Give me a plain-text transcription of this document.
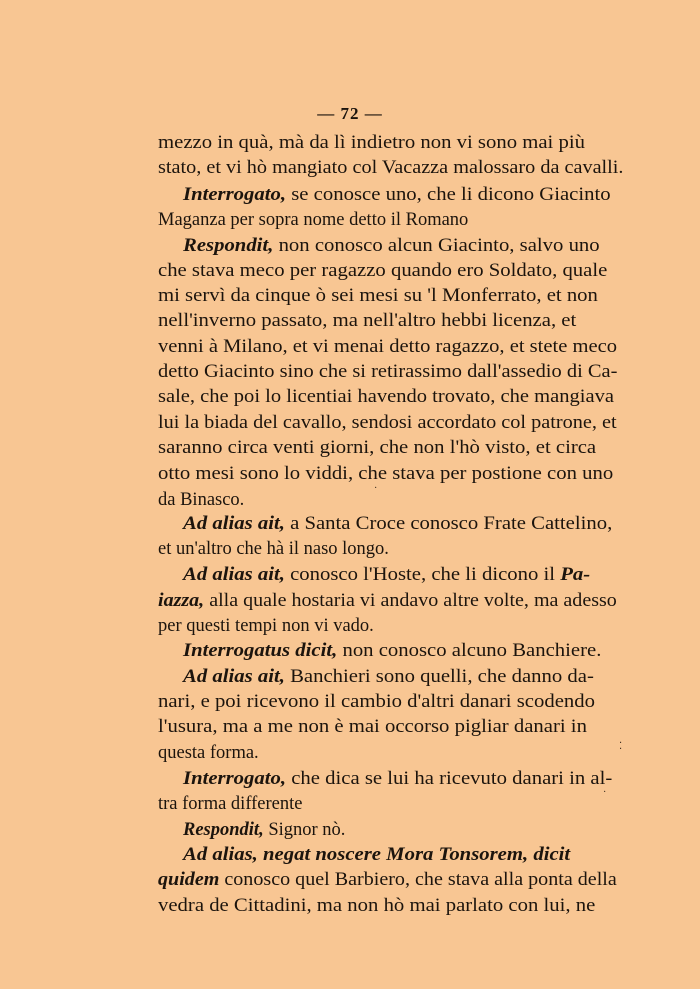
— 72 —
mezzo in quà, mà da lì indietro non vi sono mai più
stato, et vi hò mangiato col Vacazza malossaro da cavalli.
Interrogato, se conosce uno, che li dicono Giacinto
Maganza per sopra nome detto il Romano
Respondit, non conosco alcun Giacinto, salvo uno
che stava meco per ragazzo quando ero Soldato, quale
mi servì da cinque ò sei mesi su 'l Monferrato, et non
nell'inverno passato, ma nell'altro hebbi licenza, et
venni à Milano, et vi menai detto ragazzo, et stete meco
detto Giacinto sino che si retirassimo dall'assedio di Ca-
sale, che poi lo licentiai havendo trovato, che mangiava
lui la biada del cavallo, sendosi accordato col patrone, et
saranno circa venti giorni, che non l'hò visto, et circa
otto mesi sono lo viddi, che stava per postione con uno
da Binasco.
Ad alias ait, a Santa Croce conosco Frate Cattelino,
et un'altro che hà il naso longo.
Ad alias ait, conosco l'Hoste, che li dicono il Pa-
iazza, alla quale hostaria vi andavo altre volte, ma adesso
per questi tempi non vi vado.
Interrogatus dicit, non conosco alcuno Banchiere.
Ad alias ait, Banchieri sono quelli, che danno da-
nari, e poi ricevono il cambio d'altri danari scodendo
l'usura, ma a me non è mai occorso pigliar danari in
questa forma.
Interrogato, che dica se lui ha ricevuto danari in al-
tra forma differente
Respondit, Signor nò.
Ad alias, negat noscere Mora Tonsorem, dicit
quidem conosco quel Barbiero, che stava alla ponta della
vedra de Cittadini, ma non hò mai parlato con lui, ne
·
⁚
·
